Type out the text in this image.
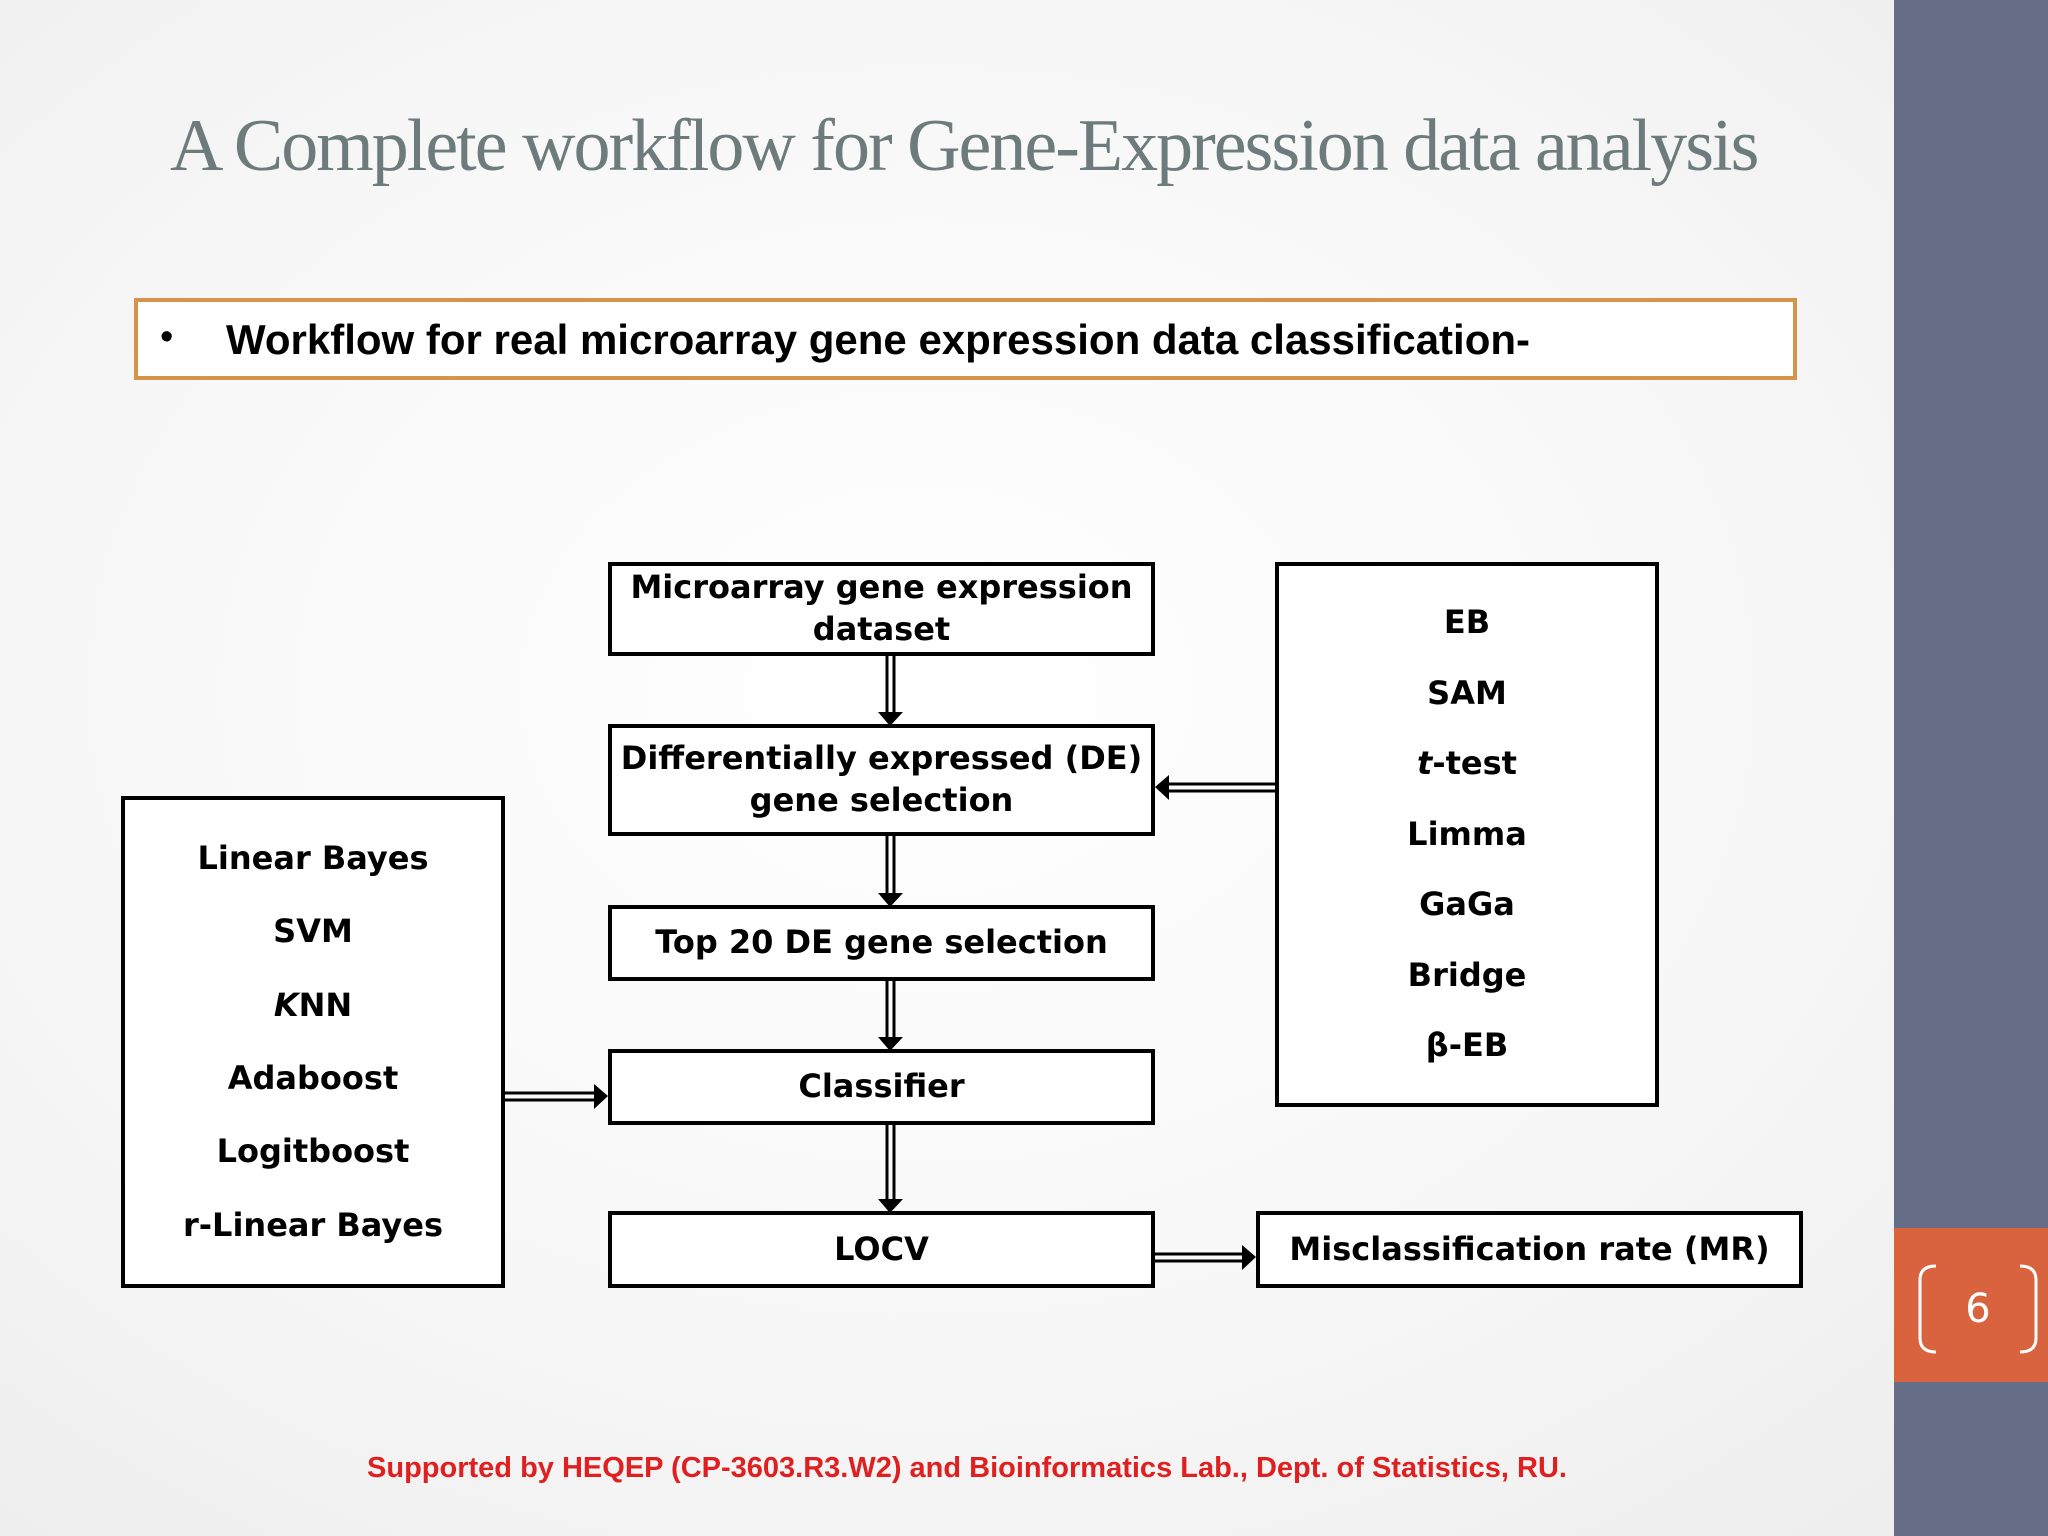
A Complete workflow for Gene-Expression data analysis
• Workflow for real microarray gene expression data classification-
Microarray gene expression
dataset
Differentially expressed (DE)
gene selection
Top 20 DE gene selection
Classifier
LOCV	Misclassification rate (MR)
Linear Bayes
SVM
KNN
Adaboost
Logitboost
r-Linear Bayes
EB
SAM
t-test
Limma
GaGa
Bridge
β-EB
Supported by HEQEP (CP-3603.R3.W2) and Bioinformatics Lab., Dept. of Statistics, RU.
6
